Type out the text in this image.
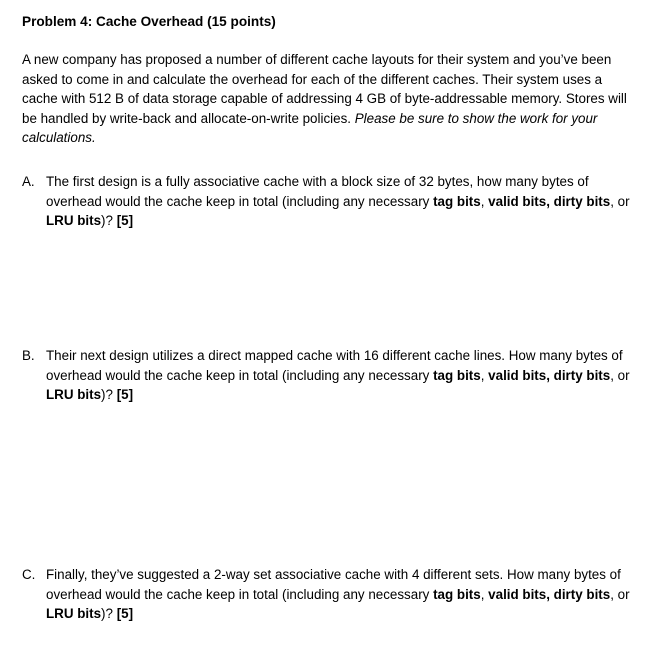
Problem 4: Cache Overhead (15 points)
A new company has proposed a number of different cache layouts for their system and you’ve been asked to come in and calculate the overhead for each of the different caches. Their system uses a cache with 512 B of data storage capable of addressing 4 GB of byte-addressable memory. Stores will be handled by write-back and allocate-on-write policies. Please be sure to show the work for your calculations.
A. The first design is a fully associative cache with a block size of 32 bytes, how many bytes of overhead would the cache keep in total (including any necessary tag bits, valid bits, dirty bits, or LRU bits)? [5]
B. Their next design utilizes a direct mapped cache with 16 different cache lines. How many bytes of overhead would the cache keep in total (including any necessary tag bits, valid bits, dirty bits, or LRU bits)? [5]
C. Finally, they’ve suggested a 2-way set associative cache with 4 different sets. How many bytes of overhead would the cache keep in total (including any necessary tag bits, valid bits, dirty bits, or LRU bits)? [5]
